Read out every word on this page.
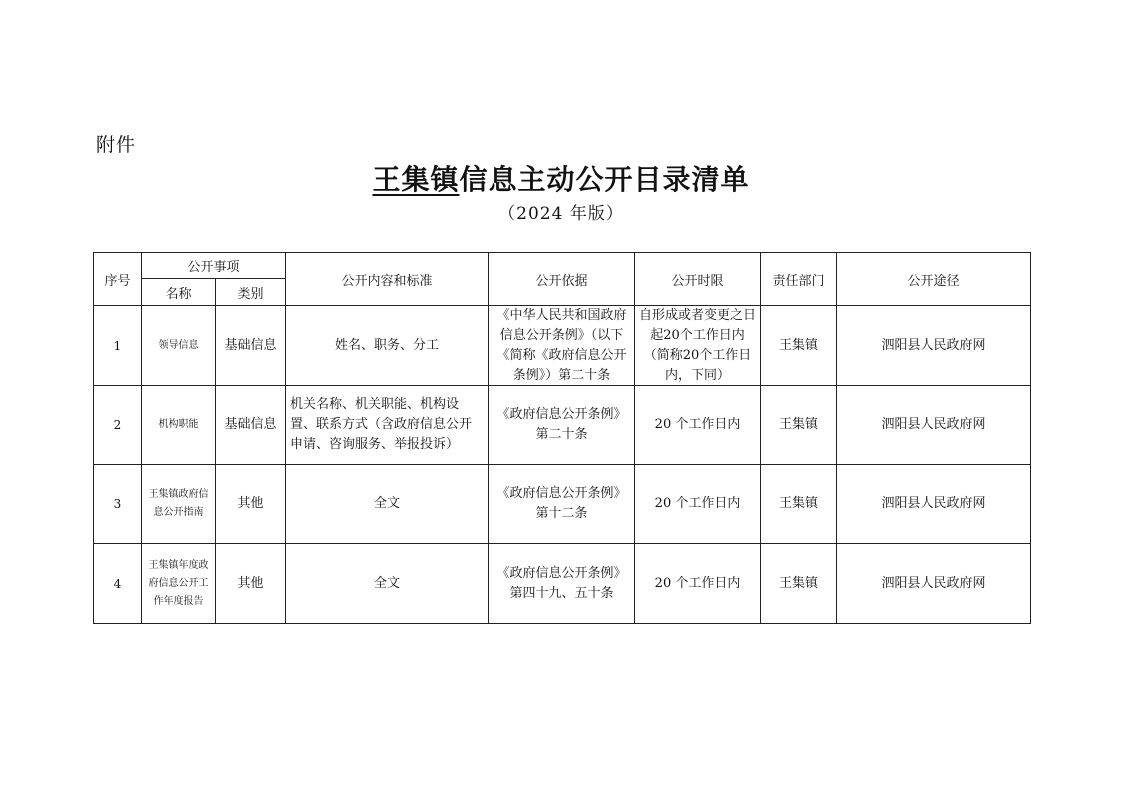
附件
王集镇信息主动公开目录清单
（2024 年版）
序号	公开事项		公开内容和标准	公开依据	公开时限	责任部门	公开途径
	名称	类别					
1	领导信息	基础信息	姓名、职务、分工	《中华人民共和国政府信息公开条例》（以下《简称《政府信息公开条例》）第二十条	自形成或者变更之日起20个工作日内（简称20个工作日内，下同）	王集镇	泗阳县人民政府网
2	机构职能	基础信息	机关名称、机关职能、机构设置、联系方式（含政府信息公开申请、咨询服务、举报投诉）	《政府信息公开条例》第二十条	20 个工作日内	王集镇	泗阳县人民政府网
3	王集镇政府信息公开指南	其他	全文	《政府信息公开条例》第十二条	20 个工作日内	王集镇	泗阳县人民政府网
4	王集镇年度政府信息公开工作年度报告	其他	全文	《政府信息公开条例》第四十九、五十条	20 个工作日内	王集镇	泗阳县人民政府网
